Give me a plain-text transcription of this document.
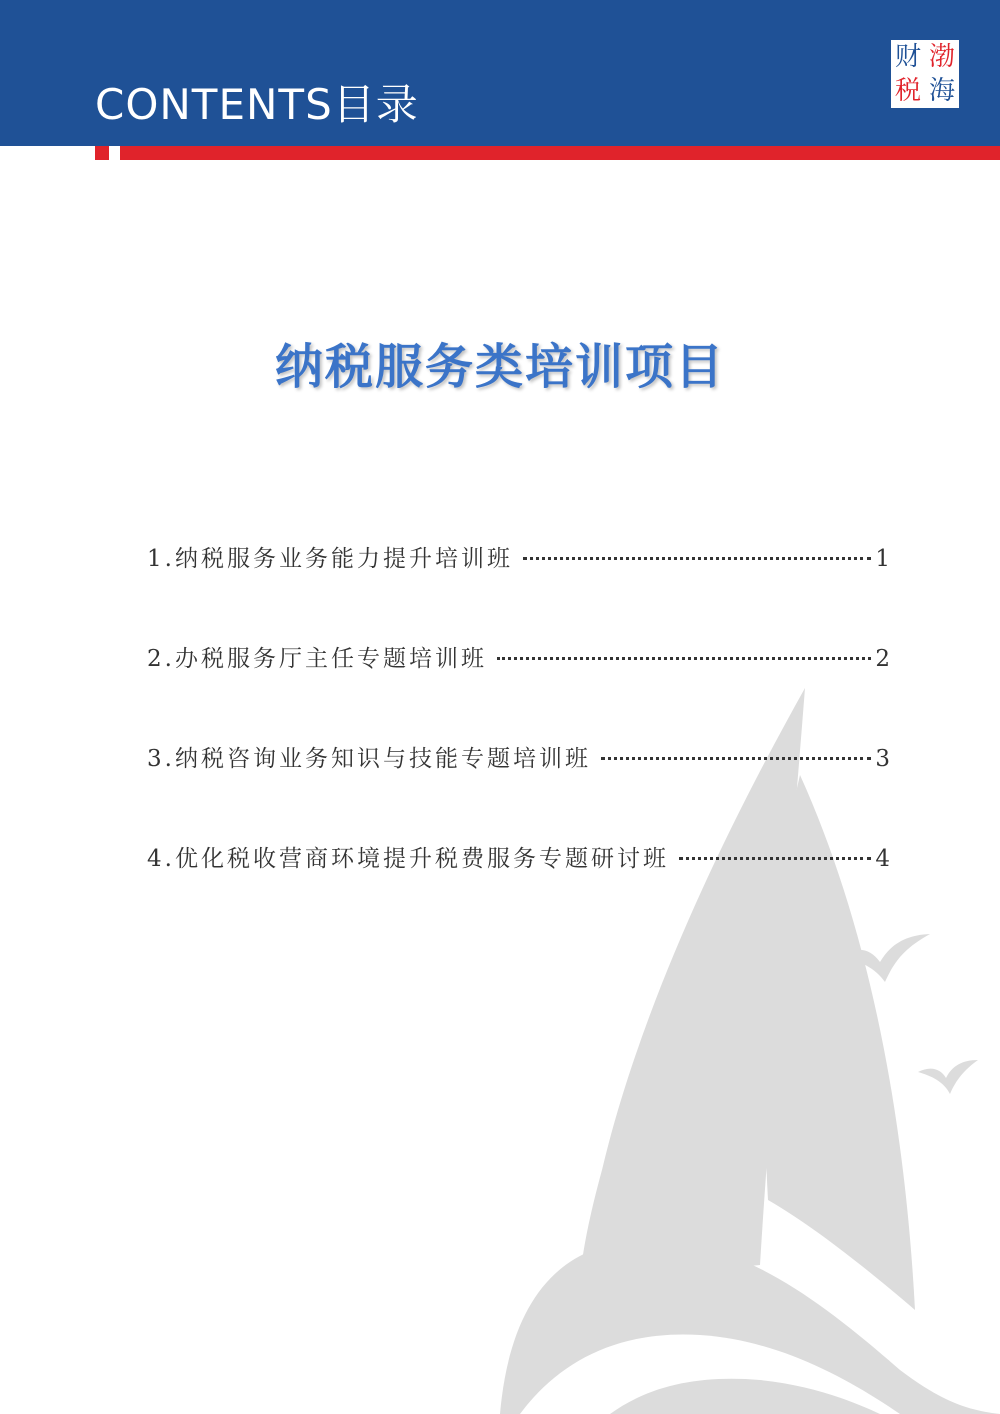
CONTENTS目录
财 渤
税 海
纳税服务类培训项目
1.纳税服务业务能力提升培训班	1
2.办税服务厅主任专题培训班	2
3.纳税咨询业务知识与技能专题培训班	3
4.优化税收营商环境提升税费服务专题研讨班	4
